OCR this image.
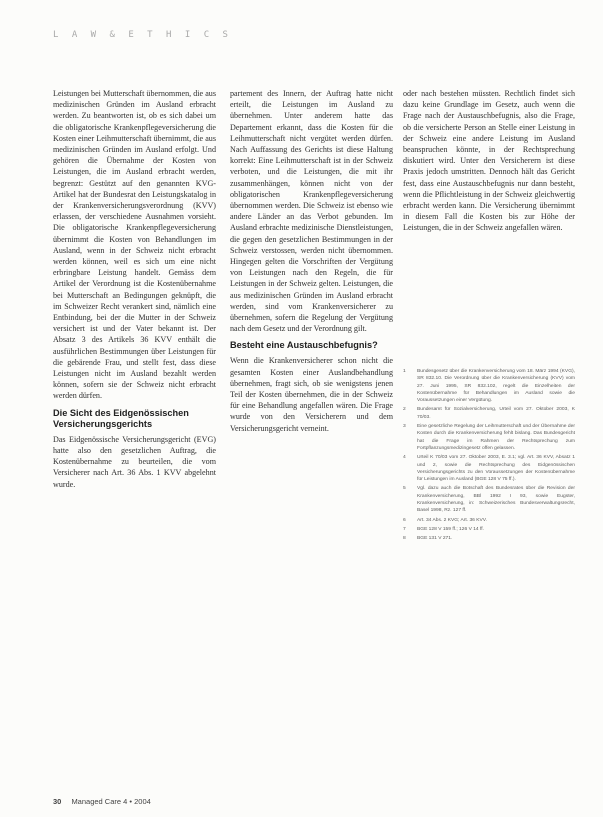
L A W & E T H I C S

Leistungen bei Mutterschaft übernommen, die aus medizinischen Gründen im Ausland erbracht werden. Zu beantworten ist, ob es sich dabei um die obligatorische Krankenpflegeversicherung die Kosten einer Leihmutterschaft übernimmt, die aus medizinischen Gründen im Ausland erfolgt. Und gehören die Übernahme der Kosten von Leistungen, die im Ausland erbracht werden, begrenzt: Gestützt auf den genannten KVG-Artikel hat der Bundesrat den Leistungskatalog in der Krankenversicherungsverordnung (KVV) erlassen, der verschiedene Ausnahmen vorsieht. Die obligatorische Krankenpflegeversicherung übernimmt die Kosten von Behandlungen im Ausland, wenn in der Schweiz nicht erbracht werden können, weil es sich um eine nicht erbringbare Leistung handelt. Gemäss dem Artikel der Verordnung ist die Kostenübernahme bei Mutterschaft an Bedingungen geknüpft, die im Schweizer Recht verankert sind, nämlich eine Entbindung, bei der die Mutter in der Schweiz versichert ist und der Vater bekannt ist. Der Absatz 3 des Artikels 36 KVV enthält die ausführlichen Bestimmungen über Leistungen für die gebärende Frau, und stellt fest, dass diese Leistungen nicht im Ausland bezahlt werden können, sofern sie der Schweiz nicht erbracht werden dürfen.

Die Sicht des Eidgenössischen Versicherungsgerichts

Das Eidgenössische Versicherungsgericht (EVG) hatte also den gesetzlichen Auftrag, die Kostenübernahme zu beurteilen, die vom Versicherer nach Art. 36 Abs. 1 KVV abgelehnt wurde.

partement des Innern, der Auftrag hatte nicht erteilt, die Leistungen im Ausland zu übernehmen. Unter anderem hatte das Departement erkannt, dass die Kosten für die Leihmutterschaft nicht vergütet werden dürfen. Nach Auffassung des Gerichts ist diese Haltung korrekt: Eine Leihmutterschaft ist in der Schweiz verboten, und die Leistungen, die mit ihr zusammenhängen, können nicht von der obligatorischen Krankenpflegeversicherung übernommen werden. Die Schweiz ist ebenso wie andere Länder an das Verbot gebunden. Im Ausland erbrachte medizinische Dienstleistungen, die gegen den gesetzlichen Bestimmungen in der Schweiz verstossen, werden nicht übernommen. Hingegen gelten die Vorschriften der Vergütung von Leistungen nach den Regeln, die für Leistungen in der Schweiz gelten. Leistungen, die aus medizinischen Gründen im Ausland erbracht werden, sind vom Krankenversicherer zu übernehmen, sofern die Regelung der Vergütung nach dem Gesetz und der Verordnung gilt.

Besteht eine Austauschbefugnis?

Wenn die Krankenversicherer schon nicht die gesamten Kosten einer Auslandbehandlung übernehmen, fragt sich, ob sie wenigstens jenen Teil der Kosten übernehmen, die in der Schweiz für eine Behandlung angefallen wären. Die Frage wurde von den Versicherern und dem Versicherungsgericht verneint.

oder nach bestehen müssten. Rechtlich findet sich dazu keine Grundlage im Gesetz, auch wenn die Frage nach der Austauschbefugnis, also die Frage, ob die versicherte Person an Stelle einer Leistung in der Schweiz eine andere Leistung im Ausland beanspruchen könnte, in der Rechtsprechung diskutiert wird. Unter den Versicherern ist diese Praxis jedoch umstritten. Dennoch hält das Gericht fest, dass eine Austauschbefugnis nur dann besteht, wenn die Pflichtleistung in der Schweiz gleichwertig erbracht werden kann. Die Versicherung übernimmt in diesem Fall die Kosten bis zur Höhe der Leistungen, die in der Schweiz angefallen wären.

1 Bundesgesetz über die Krankenversicherung vom 18. März 1994 (KVG), SR 832.10. Die Verordnung über die Krankenversicherung (KVV) vom 27. Juni 1995, SR 832.102, regelt die Einzelheiten der Kostenübernahme für Behandlungen im Ausland sowie die Voraussetzungen einer Vergütung.
2 Bundesamt für Sozialversicherung, Urteil vom 27. Oktober 2003, K 70/03.
3 Eine gesetzliche Regelung der Leihmutterschaft und der Übernahme der Kosten durch die Krankenversicherung fehlt bislang. Das Bundesgericht hat die Frage im Rahmen der Rechtsprechung zum Fortpflanzungsmedizingesetz offen gelassen.
4 Urteil K 70/03 vom 27. Oktober 2003, E. 3.1; vgl. Art. 36 KVV, Absatz 1 und 2, sowie die Rechtsprechung des Eidgenössischen Versicherungsgerichts zu den Voraussetzungen der Kostenübernahme für Leistungen im Ausland (BGE 128 V 75 ff.).
5 Vgl. dazu auch die Botschaft des Bundesrates über die Revision der Krankenversicherung, BBl 1992 I 93, sowie Eugster, Krankenversicherung, in: Schweizerisches Bundesverwaltungsrecht, Basel 1998, Rz. 127 ff.
6 Art. 34 Abs. 2 KVG; Art. 36 KVV.
7 BGE 128 V 159 ff.; 126 V 14 ff.
8 BGE 131 V 271.
30 Managed Care 4 • 2004
